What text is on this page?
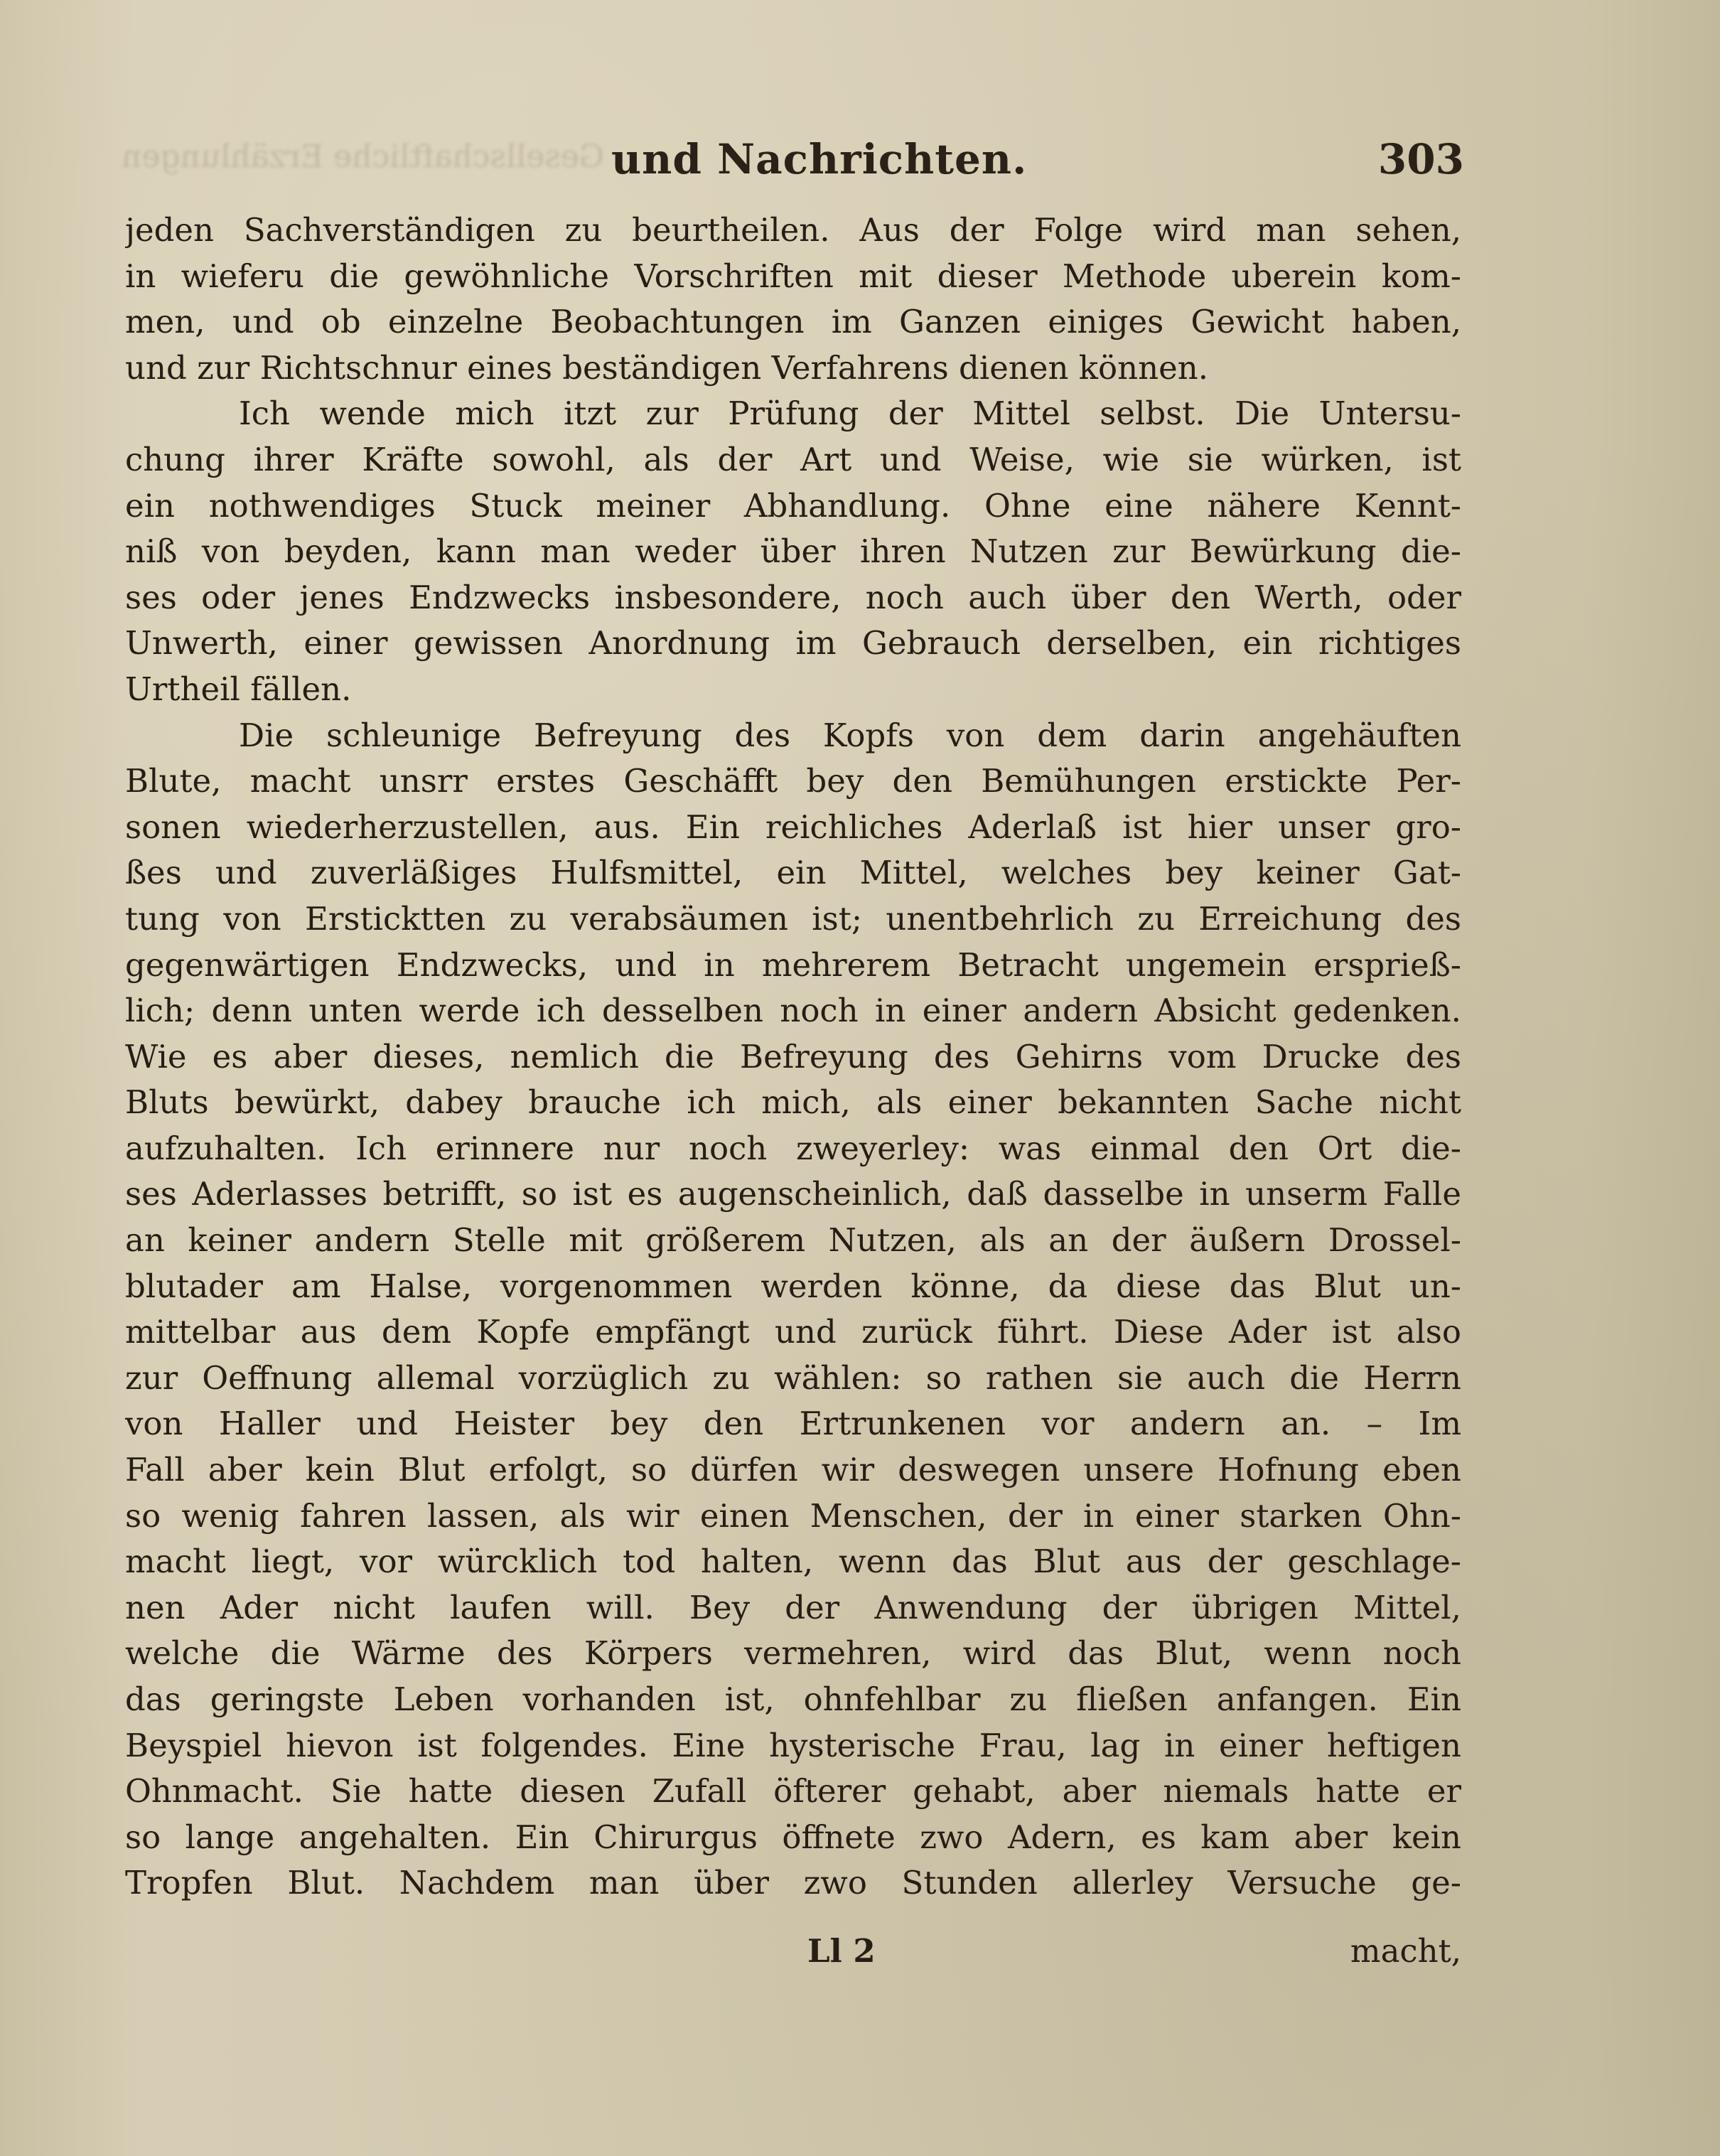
Gesellschaftliche Erzählungen und Nachrichten.	303
jeden Sachverständigen zu beurtheilen. Aus der Folge wird man sehen,
in wieferu die gewöhnliche Vorschriften mit dieser Methode uberein kom-
men, und ob einzelne Beobachtungen im Ganzen einiges Gewicht haben,
und zur Richtschnur eines beständigen Verfahrens dienen können.
Ich wende mich itzt zur Prüfung der Mittel selbst. Die Untersu-
chung ihrer Kräfte sowohl, als der Art und Weise, wie sie würken, ist
ein nothwendiges Stuck meiner Abhandlung. Ohne eine nähere Kennt-
niß von beyden, kann man weder über ihren Nutzen zur Bewürkung die-
ses oder jenes Endzwecks insbesondere, noch auch über den Werth, oder
Unwerth, einer gewissen Anordnung im Gebrauch derselben, ein richtiges
Urtheil fällen.
Die schleunige Befreyung des Kopfs von dem darin angehäuften
Blute, macht unsrr erstes Geschäfft bey den Bemühungen erstickte Per-
sonen wiederherzustellen, aus. Ein reichliches Aderlaß ist hier unser gro-
ßes und zuverläßiges Hulfsmittel, ein Mittel, welches bey keiner Gat-
tung von Ersticktten zu verabsäumen ist; unentbehrlich zu Erreichung des
gegenwärtigen Endzwecks, und in mehrerem Betracht ungemein ersprieß-
lich; denn unten werde ich desselben noch in einer andern Absicht gedenken.
Wie es aber dieses, nemlich die Befreyung des Gehirns vom Drucke des
Bluts bewürkt, dabey brauche ich mich, als einer bekannten Sache nicht
aufzuhalten. Ich erinnere nur noch zweyerley: was einmal den Ort die-
ses Aderlasses betrifft, so ist es augenscheinlich, daß dasselbe in unserm Falle
an keiner andern Stelle mit größerem Nutzen, als an der äußern Drossel-
blutader am Halse, vorgenommen werden könne, da diese das Blut un-
mittelbar aus dem Kopfe empfängt und zurück führt. Diese Ader ist also
zur Oeffnung allemal vorzüglich zu wählen: so rathen sie auch die Herrn
von Haller und Heister bey den Ertrunkenen vor andern an. – Im
Fall aber kein Blut erfolgt, so dürfen wir deswegen unsere Hofnung eben
so wenig fahren lassen, als wir einen Menschen, der in einer starken Ohn-
macht liegt, vor würcklich tod halten, wenn das Blut aus der geschlage-
nen Ader nicht laufen will. Bey der Anwendung der übrigen Mittel,
welche die Wärme des Körpers vermehren, wird das Blut, wenn noch
das geringste Leben vorhanden ist, ohnfehlbar zu fließen anfangen. Ein
Beyspiel hievon ist folgendes. Eine hysterische Frau, lag in einer heftigen
Ohnmacht. Sie hatte diesen Zufall öfterer gehabt, aber niemals hatte er
so lange angehalten. Ein Chirurgus öffnete zwo Adern, es kam aber kein
Tropfen Blut. Nachdem man über zwo Stunden allerley Versuche ge-
Ll 2	macht,
